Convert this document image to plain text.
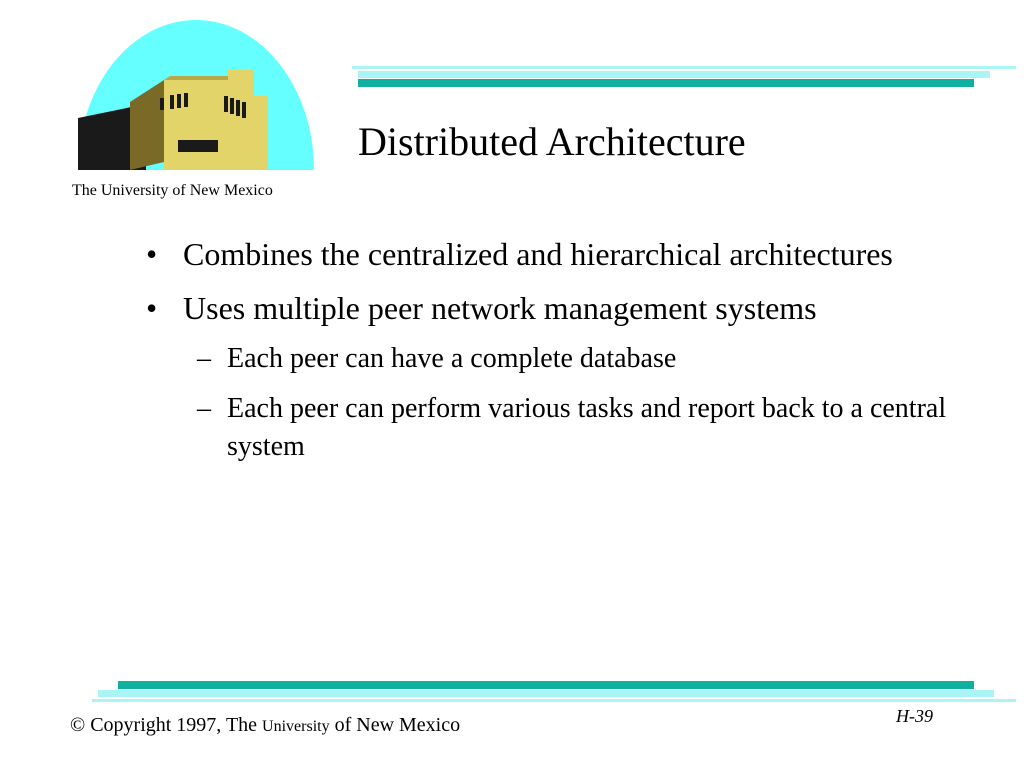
The University of New Mexico
Distributed Architecture
• Combines the centralized and hierarchical architectures
• Uses multiple peer network management systems
– Each peer can have a complete database
– Each peer can perform various tasks and report back to a central system
© Copyright 1997, The University of New Mexico	H-39
